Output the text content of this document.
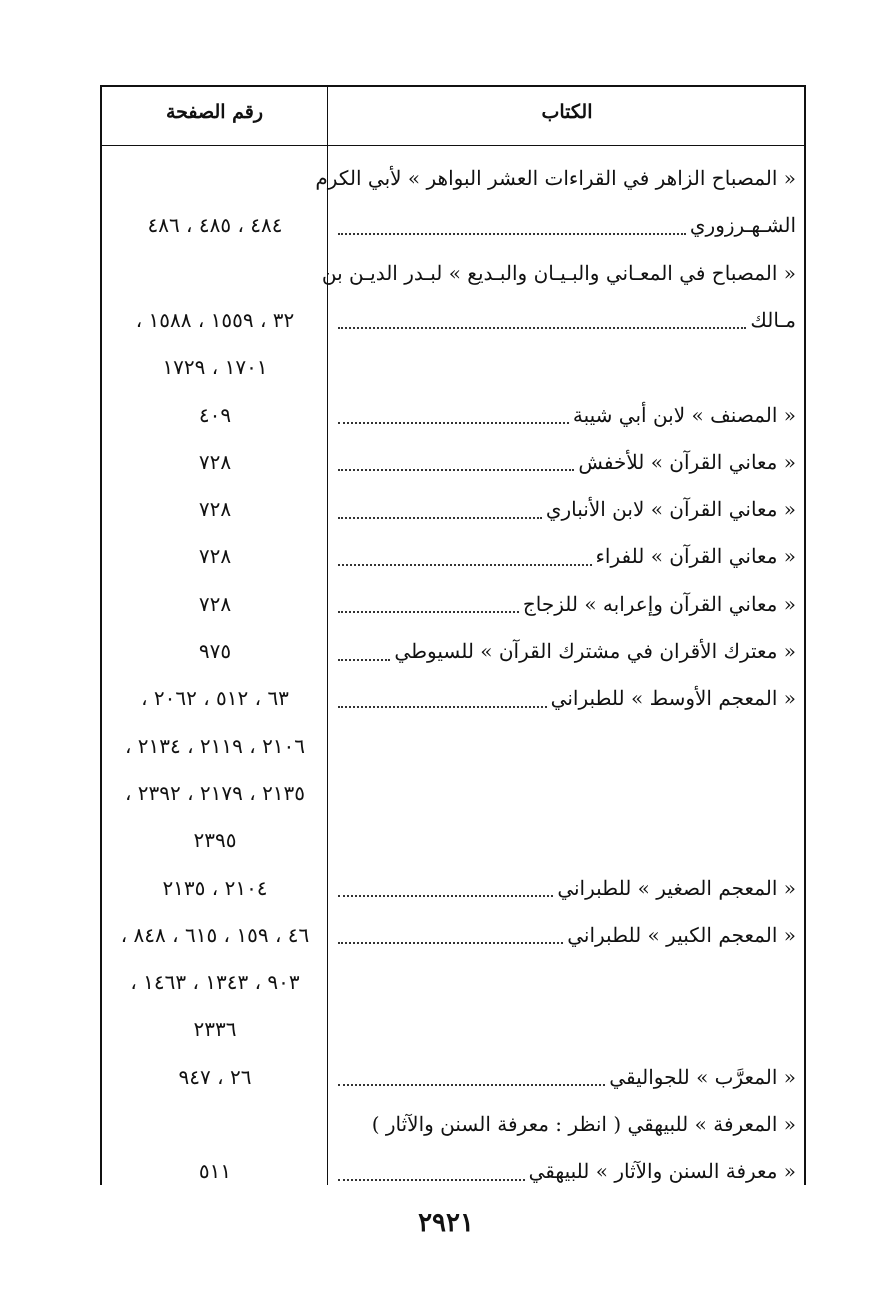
الكتاب
رقم الصفحة
« المصباح الزاهر في القراءات العشر البواهر » لأبي الكرم
الشـهـرزوري
٤٨٤ ، ٤٨٥ ، ٤٨٦
« المصباح في المعـاني والبـيـان والبـديع » لبـدر الديـن بن
مـالك
٣٢ ، ١٥٥٩ ، ١٥٨٨ ،
١٧٠١ ، ١٧٢٩
« المصنف » لابن أبي شيبة
٤٠٩
« معاني القرآن » للأخفش
٧٢٨
« معاني القرآن » لابن الأنباري
٧٢٨
« معاني القرآن » للفراء
٧٢٨
« معاني القرآن وإعرابه » للزجاج
٧٢٨
« معترك الأقران في مشترك القرآن » للسيوطي
٩٧٥
« المعجم الأوسط » للطبراني
٦٣ ، ٥١٢ ، ٢٠٦٢ ،
٢١٠٦ ، ٢١١٩ ، ٢١٣٤ ،
٢١٣٥ ، ٢١٧٩ ، ٢٣٩٢ ،
٢٣٩٥
« المعجم الصغير » للطبراني
٢١٠٤ ، ٢١٣٥
« المعجم الكبير » للطبراني
٤٦ ، ١٥٩ ، ٦١٥ ، ٨٤٨ ،
٩٠٣ ، ١٣٤٣ ، ١٤٦٣ ،
٢٣٣٦
« المعرَّب » للجواليقي
٢٦ ، ٩٤٧
« المعرفة » للبيهقي ( انظر : معرفة السنن والآثار )
« معرفة السنن والآثار » للبيهقي
٥١١
٢٩٢١
